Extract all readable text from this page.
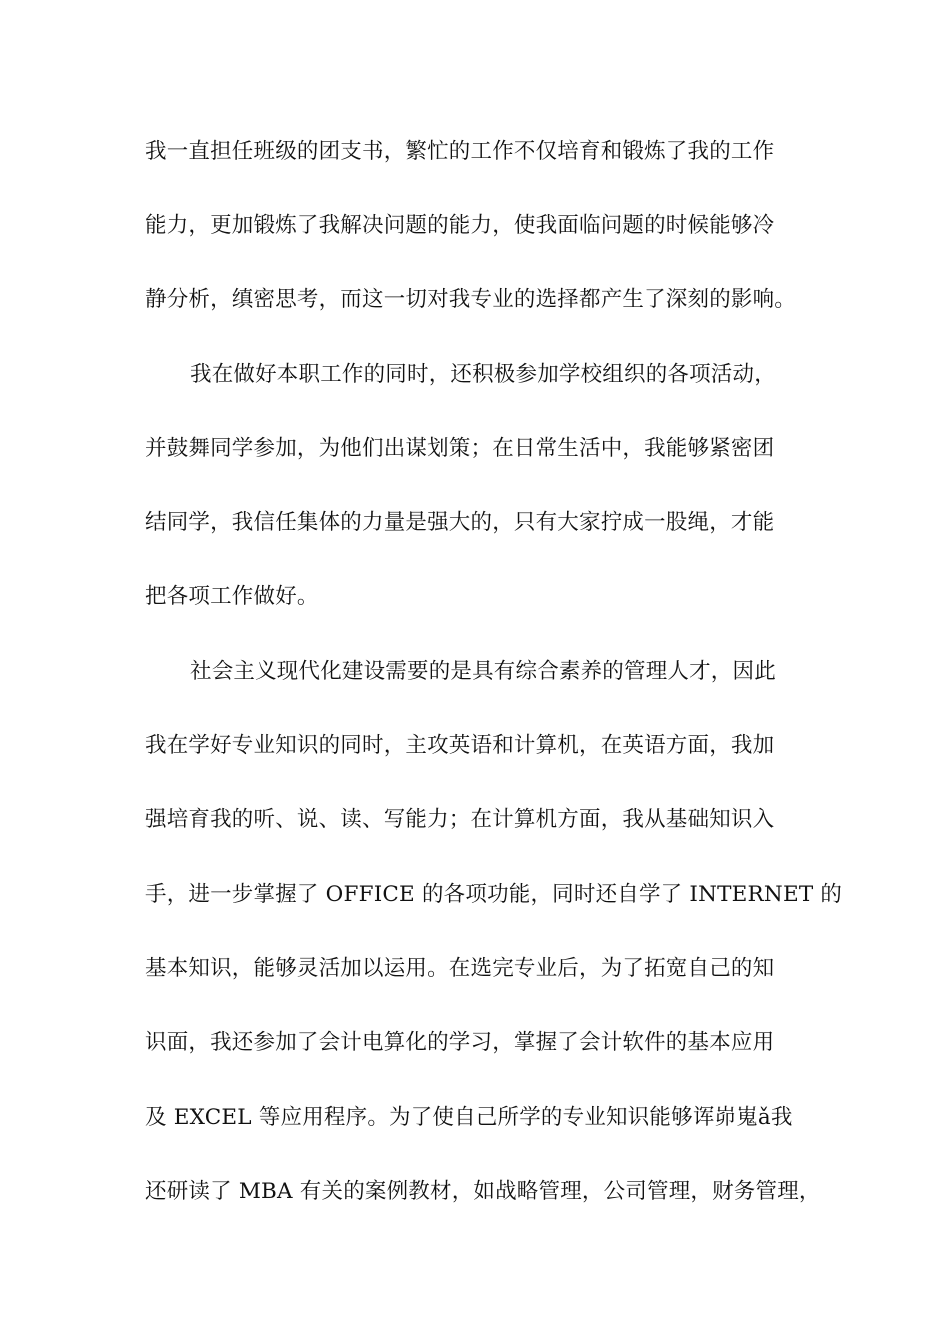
我一直担任班级的团支书，繁忙的工作不仅培育和锻炼了我的工作
能力，更加锻炼了我解决问题的能力，使我面临问题的时候能够冷
静分析，缜密思考，而这一切对我专业的选择都产生了深刻的影响。
我在做好本职工作的同时，还积极参加学校组织的各项活动，
并鼓舞同学参加，为他们出谋划策；在日常生活中，我能够紧密团
结同学，我信任集体的力量是强大的，只有大家拧成一股绳，才能
把各项工作做好。
社会主义现代化建设需要的是具有综合素养的管理人才，因此
我在学好专业知识的同时，主攻英语和计算机，在英语方面，我加
强培育我的听、说、读、写能力；在计算机方面，我从基础知识入
手，进一步掌握了 OFFICE 的各项功能，同时还自学了 INTERNET 的
基本知识，能够灵活加以运用。在选完专业后，为了拓宽自己的知
识面，我还参加了会计电算化的学习，掌握了会计软件的基本应用
及 EXCEL 等应用程序。为了使自己所学的专业知识能够诨峁嵬ǎ我
还研读了 MBA 有关的案例教材，如战略管理，公司管理，财务管理，
